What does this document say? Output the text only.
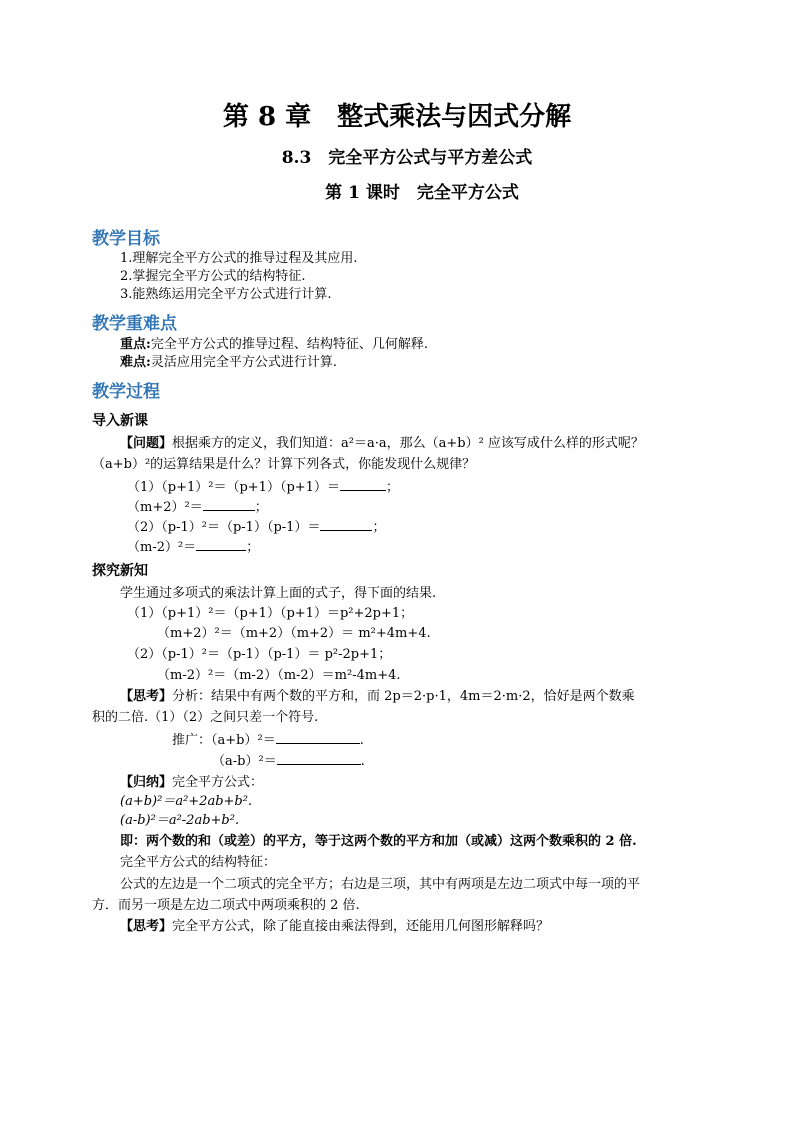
第 8 章　整式乘法与因式分解
8.3　完全平方公式与平方差公式
第 1 课时　完全平方公式
教学目标
1.理解完全平方公式的推导过程及其应用.
2.掌握完全平方公式的结构特征.
3.能熟练运用完全平方公式进行计算.
教学重难点
重点:完全平方公式的推导过程、结构特征、几何解释.
难点:灵活应用完全平方公式进行计算.
教学过程
导入新课
【问题】根据乘方的定义，我们知道：a²＝a·a，那么（a+b）² 应该写成什么样的形式呢？
（a+b）²的运算结果是什么？计算下列各式，你能发现什么规律？
（1）（p+1）²＝（p+1）（p+1）＝	；
（m+2）²＝	；
（2）（p-1）²＝（p-1）（p-1）＝	；
（m-2）²＝	；
探究新知
学生通过多项式的乘法计算上面的式子，得下面的结果.
（1）（p+1）²＝（p+1）（p+1）＝p²+2p+1；
（m+2）²＝（m+2）（m+2）＝ m²+4m+4.
（2）（p-1）²＝（p-1）（p-1）＝ p²-2p+1；
（m-2）²＝（m-2）（m-2）＝m²-4m+4.
【思考】分析：结果中有两个数的平方和，而 2p＝2·p·1，4m＝2·m·2，恰好是两个数乘
积的二倍.（1）（2）之间只差一个符号.
推广：（a+b）²＝	.
（a-b）²＝	.
【归纳】完全平方公式：
(a+b)²＝a²+2ab+b².
(a-b)²＝a²-2ab+b².
即：两个数的和（或差）的平方，等于这两个数的平方和加（或减）这两个数乘积的 2 倍.
完全平方公式的结构特征：
公式的左边是一个二项式的完全平方；右边是三项，其中有两项是左边二项式中每一项的平
方．而另一项是左边二项式中两项乘积的 2 倍.
【思考】完全平方公式，除了能直接由乘法得到，还能用几何图形解释吗？
